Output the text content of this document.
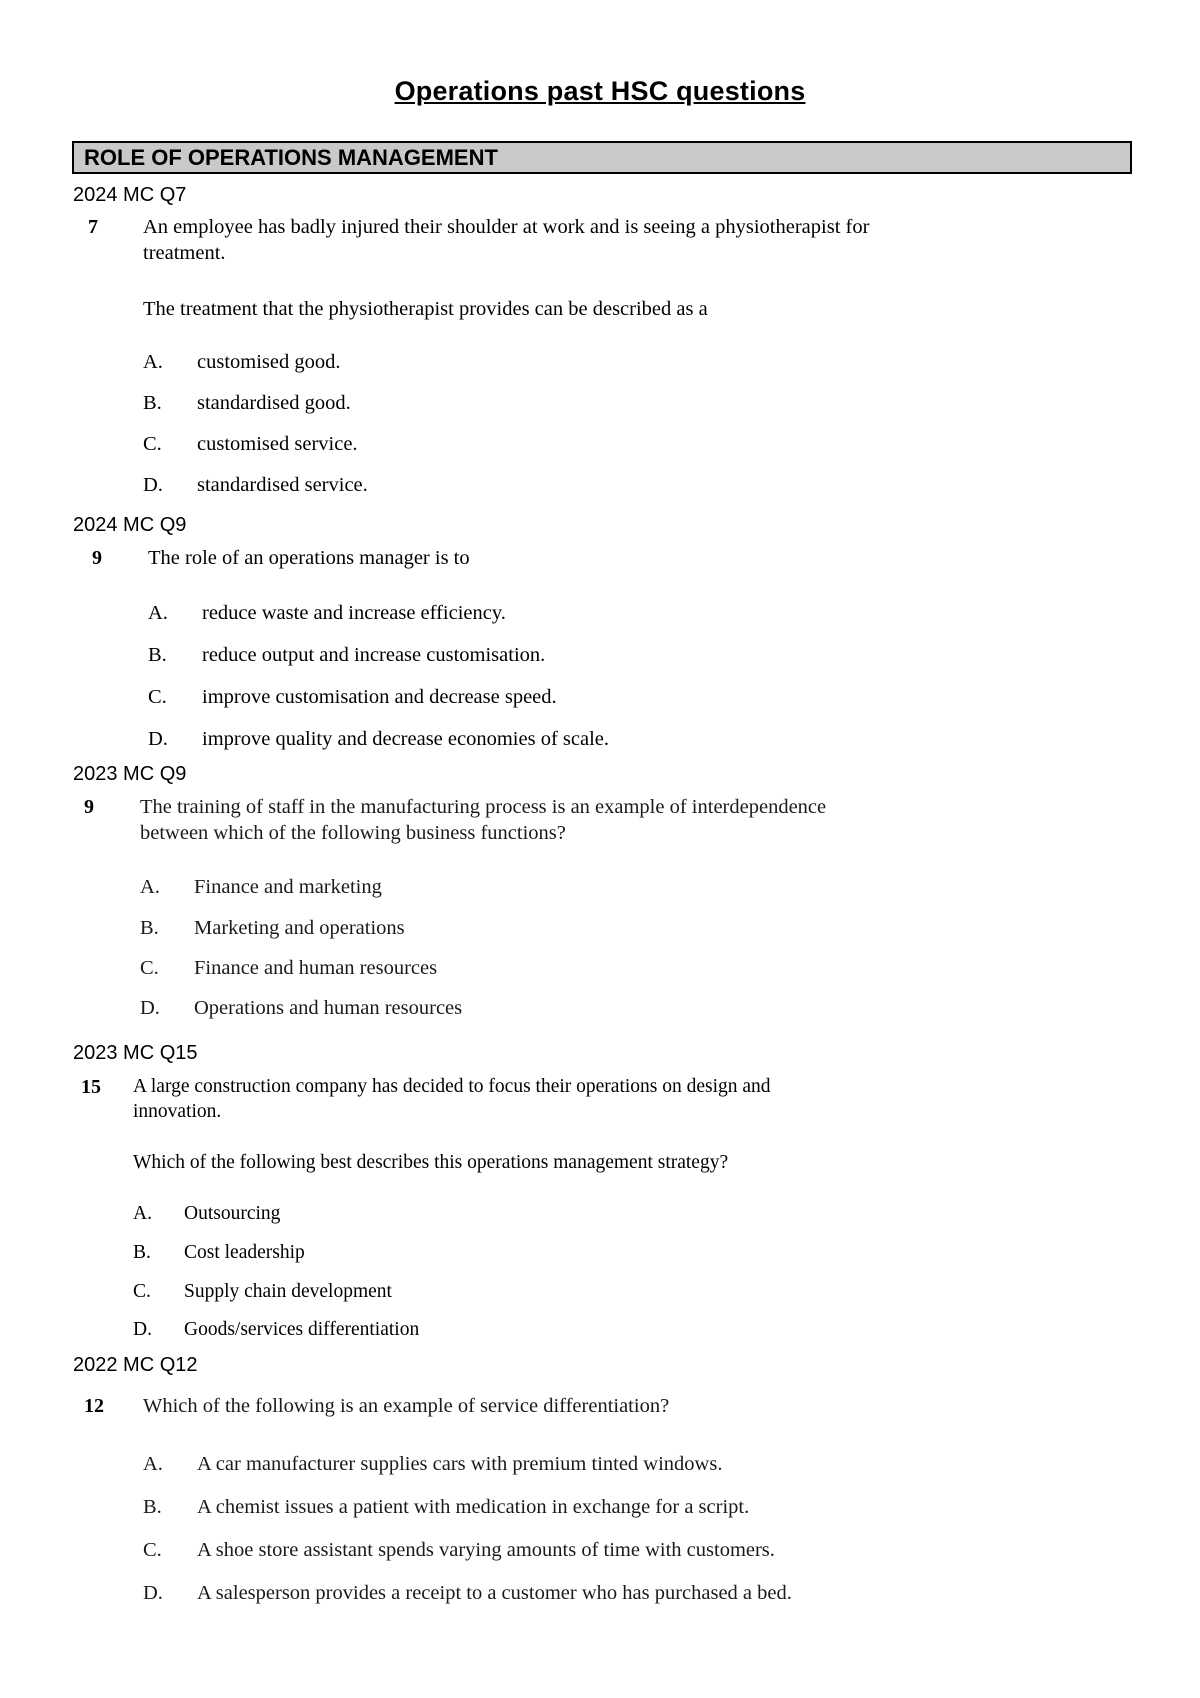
Operations past HSC questions
ROLE OF OPERATIONS MANAGEMENT
2024 MC Q7
7 An employee has badly injured their shoulder at work and is seeing a physiotherapist for
treatment.
The treatment that the physiotherapist provides can be described as a
A. customised good.
B. standardised good.
C. customised service.
D. standardised service.
2024 MC Q9
9 The role of an operations manager is to
A. reduce waste and increase efficiency.
B. reduce output and increase customisation.
C. improve customisation and decrease speed.
D. improve quality and decrease economies of scale.
2023 MC Q9
9 The training of staff in the manufacturing process is an example of interdependence
between which of the following business functions?
A. Finance and marketing
B. Marketing and operations
C. Finance and human resources
D. Operations and human resources
2023 MC Q15
15 A large construction company has decided to focus their operations on design and
innovation.
Which of the following best describes this operations management strategy?
A. Outsourcing
B. Cost leadership
C. Supply chain development
D. Goods/services differentiation
2022 MC Q12
12 Which of the following is an example of service differentiation?
A. A car manufacturer supplies cars with premium tinted windows.
B. A chemist issues a patient with medication in exchange for a script.
C. A shoe store assistant spends varying amounts of time with customers.
D. A salesperson provides a receipt to a customer who has purchased a bed.
